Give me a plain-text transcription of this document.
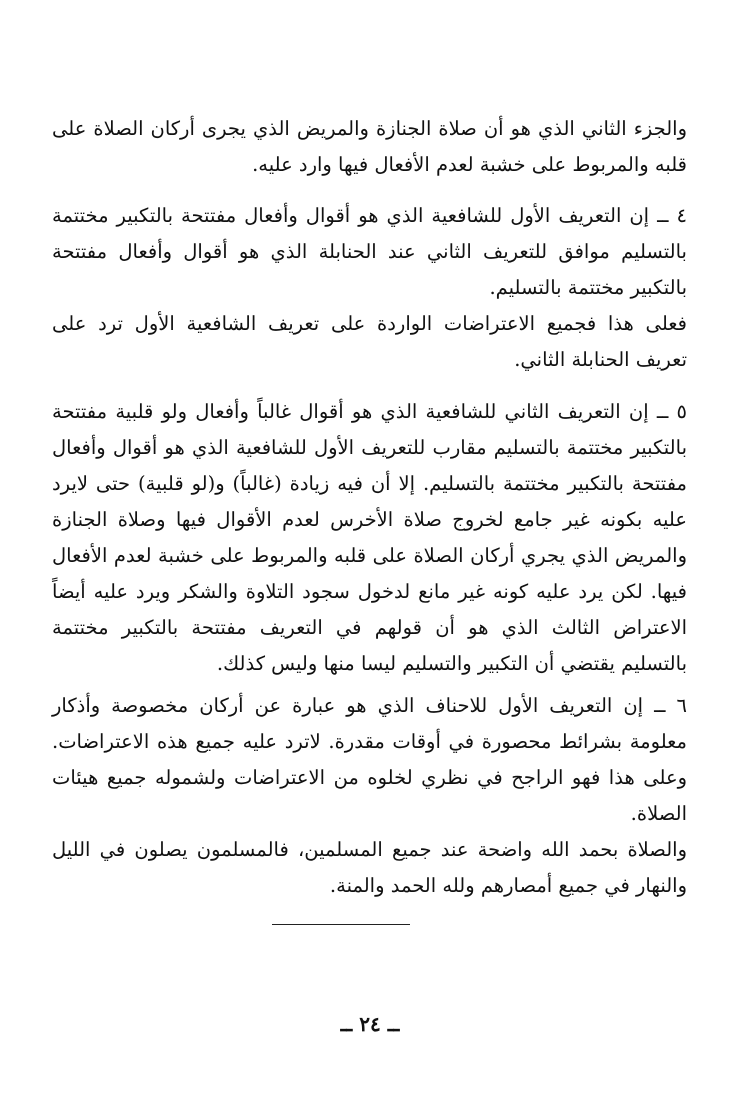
والجزء الثاني الذي هو أن صلاة الجنازة والمريض الذي يجرى أركان الصلاة على قلبه والمربوط على خشبة لعدم الأفعال فيها وارد عليه.

٤ ــ إن التعريف الأول للشافعية الذي هو أقوال وأفعال مفتتحة بالتكبير مختتمة بالتسليم موافق للتعريف الثاني عند الحنابلة الذي هو أقوال وأفعال مفتتحة بالتكبير مختتمة بالتسليم.

فعلى هذا فجميع الاعتراضات الواردة على تعريف الشافعية الأول ترد على تعريف الحنابلة الثاني.

٥ ــ إن التعريف الثاني للشافعية الذي هو أقوال غالباً وأفعال ولو قلبية مفتتحة بالتكبير مختتمة بالتسليم مقارب للتعريف الأول للشافعية الذي هو أقوال وأفعال مفتتحة بالتكبير مختتمة بالتسليم. إلا أن فيه زيادة (غالباً) و(لو قلبية) حتى لايرد عليه بكونه غير جامع لخروج صلاة الأخرس لعدم الأقوال فيها وصلاة الجنازة والمريض الذي يجري أركان الصلاة على قلبه والمربوط على خشبة لعدم الأفعال فيها. لكن يرد عليه كونه غير مانع لدخول سجود التلاوة والشكر ويرد عليه أيضاً الاعتراض الثالث الذي هو أن قولهم في التعريف مفتتحة بالتكبير مختتمة بالتسليم يقتضي أن التكبير والتسليم ليسا منها وليس كذلك.

٦ ــ إن التعريف الأول للاحناف الذي هو عبارة عن أركان مخصوصة وأذكار معلومة بشرائط محصورة في أوقات مقدرة. لاترد عليه جميع هذه الاعتراضات. وعلى هذا فهو الراجح في نظري لخلوه من الاعتراضات ولشموله جميع هيئات الصلاة.

والصلاة بحمد الله واضحة عند جميع المسلمين، فالمسلمون يصلون في الليل والنهار في جميع أمصارهم ولله الحمد والمنة.

ــ ٢٤ ــ
